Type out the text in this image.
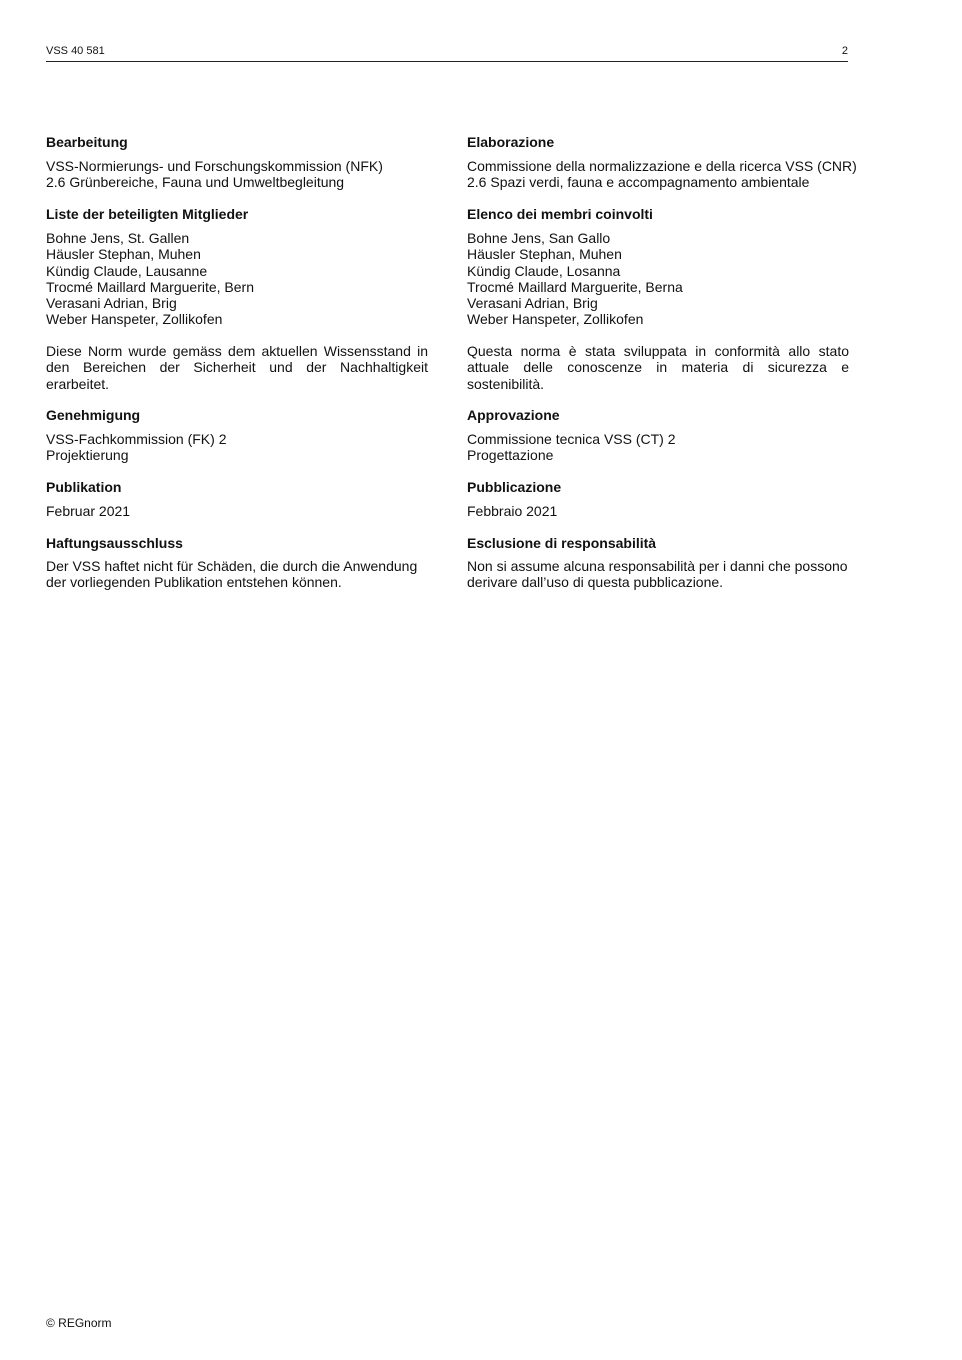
VSS 40 581	2
Bearbeitung
VSS-Normierungs- und Forschungskommission (NFK)
2.6 Grünbereiche, Fauna und Umweltbegleitung
Liste der beteiligten Mitglieder
Bohne Jens, St. Gallen
Häusler Stephan, Muhen
Kündig Claude, Lausanne
Trocmé Maillard Marguerite, Bern
Verasani Adrian, Brig
Weber Hanspeter, Zollikofen
Diese Norm wurde gemäss dem aktuellen Wissensstand in den Bereichen der Sicherheit und der Nachhaltigkeit erarbeitet.
Genehmigung
VSS-Fachkommission (FK) 2
Projektierung
Publikation
Februar 2021
Haftungsausschluss
Der VSS haftet nicht für Schäden, die durch die Anwendung der vorliegenden Publikation entstehen können.
Elaborazione
Commissione della normalizzazione e della ricerca VSS (CNR)
2.6 Spazi verdi, fauna e accompagnamento ambientale
Elenco dei membri coinvolti
Bohne Jens, San Gallo
Häusler Stephan, Muhen
Kündig Claude, Losanna
Trocmé Maillard Marguerite, Berna
Verasani Adrian, Brig
Weber Hanspeter, Zollikofen
Questa norma è stata sviluppata in conformità allo stato attuale delle conoscenze in materia di sicurezza e sostenibilità.
Approvazione
Commissione tecnica VSS (CT) 2
Progettazione
Pubblicazione
Febbraio 2021
Esclusione di responsabilità
Non si assume alcuna responsabilità per i danni che possono derivare dall’uso di questa pubblicazione.
© REGnorm
